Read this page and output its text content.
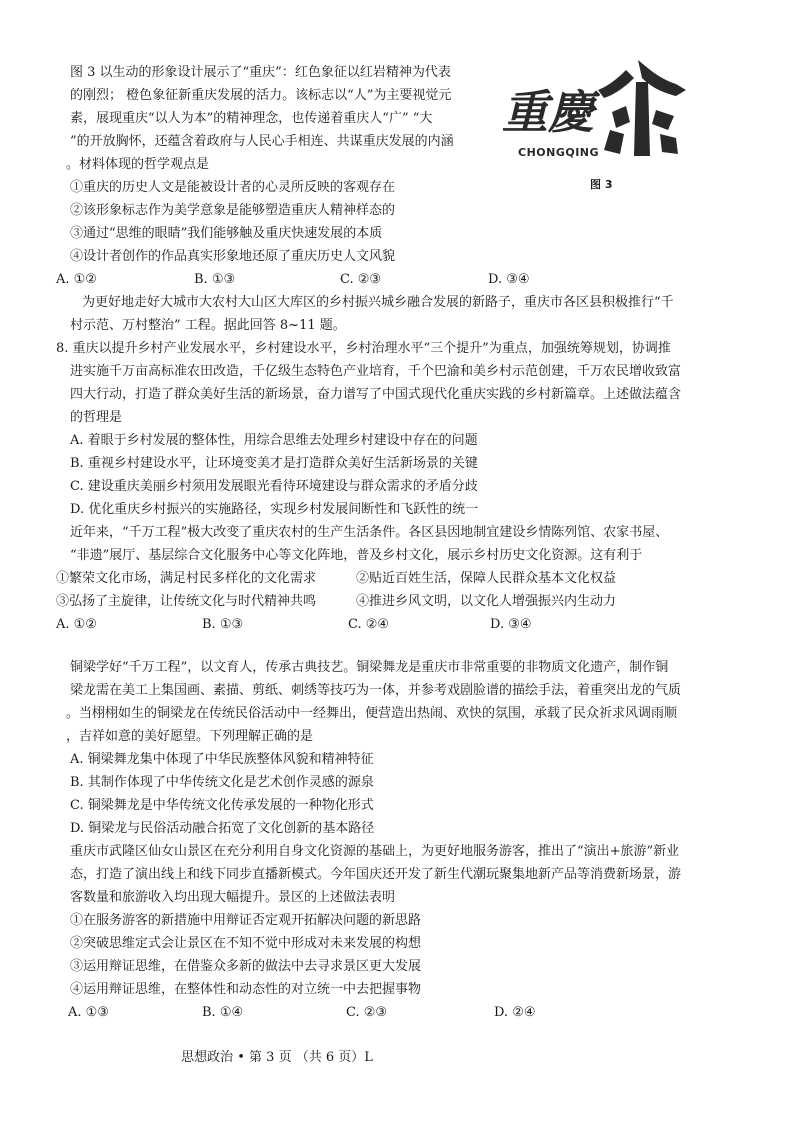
图 3 以生动的形象设计展示了“重庆”：红色象征以红岩精神为代表
的刚烈； 橙色象征新重庆发展的活力。该标志以“人”为主要视觉元
素，展现重庆“以人为本”的精神理念，也传递着重庆人“广” “大
”的开放胸怀，还蕴含着政府与人民心手相连、共谋重庆发展的内涵
。材料体现的哲学观点是
①重庆的历史人文是能被设计者的心灵所反映的客观存在
②该形象标志作为美学意象是能够塑造重庆人精神样态的
③通过“思维的眼睛”我们能够触及重庆快速发展的本质
④设计者创作的作品真实形象地还原了重庆历史人文风貌
A. ①②	B. ①③	C. ②③	D. ③④
重慶
CHONGQING
图 3
为更好地走好大城市大农村大山区大库区的乡村振兴城乡融合发展的新路子，重庆市各区县积极推行“千
村示范、万村整治” 工程。据此回答 8~11 题。
8. 重庆以提升乡村产业发展水平，乡村建设水平，乡村治理水平“三个提升”为重点，加强统筹规划，协调推
进实施千万亩高标准农田改造，千亿级生态特色产业培育，千个巴渝和美乡村示范创建，千万农民增收致富
四大行动，打造了群众美好生活的新场景，奋力谱写了中国式现代化重庆实践的乡村新篇章。上述做法蕴含
的哲理是
A. 着眼于乡村发展的整体性，用综合思维去处理乡村建设中存在的问题
B. 重视乡村建设水平，让环境变美才是打造群众美好生活新场景的关键
C. 建设重庆美丽乡村须用发展眼光看待环境建设与群众需求的矛盾分歧
D. 优化重庆乡村振兴的实施路径，实现乡村发展间断性和飞跃性的统一
近年来，“千万工程”极大改变了重庆农村的生产生活条件。各区县因地制宜建设乡情陈列馆、农家书屋、
“非遗”展厅、基层综合文化服务中心等文化阵地，普及乡村文化，展示乡村历史文化资源。这有利于
①繁荣文化市场，满足村民多样化的文化需求	②贴近百姓生活，保障人民群众基本文化权益
③弘扬了主旋律，让传统文化与时代精神共鸣	④推进乡风文明，以文化人增强振兴内生动力
A. ①②	B. ①③	C. ②④	D. ③④
铜梁学好“千万工程”，以文育人，传承古典技艺。铜梁舞龙是重庆市非常重要的非物质文化遗产，制作铜
梁龙需在美工上集国画、素描、剪纸、刺绣等技巧为一体，并参考戏剧脸谱的描绘手法，着重突出龙的气质
。当栩栩如生的铜梁龙在传统民俗活动中一经舞出，便营造出热闹、欢快的氛围，承载了民众祈求风调雨顺
，吉祥如意的美好愿望。下列理解正确的是
A. 铜梁舞龙集中体现了中华民族整体风貌和精神特征
B. 其制作体现了中华传统文化是艺术创作灵感的源泉
C. 铜梁舞龙是中华传统文化传承发展的一种物化形式
D. 铜梁龙与民俗活动融合拓宽了文化创新的基本路径
重庆市武隆区仙女山景区在充分利用自身文化资源的基础上，为更好地服务游客，推出了“演出+旅游”新业
态，打造了演出线上和线下同步直播新模式。今年国庆还开发了新生代潮玩聚集地新产品等消费新场景，游
客数量和旅游收入均出现大幅提升。景区的上述做法表明
①在服务游客的新措施中用辩证否定观开拓解决问题的新思路
②突破思维定式会让景区在不知不觉中形成对未来发展的构想
③运用辩证思维，在借鉴众多新的做法中去寻求景区更大发展
④运用辩证思维，在整体性和动态性的对立统一中去把握事物
A. ①③	B. ①④	C. ②③	D. ②④
思想政治 • 第 3 页 （共 6 页）L
